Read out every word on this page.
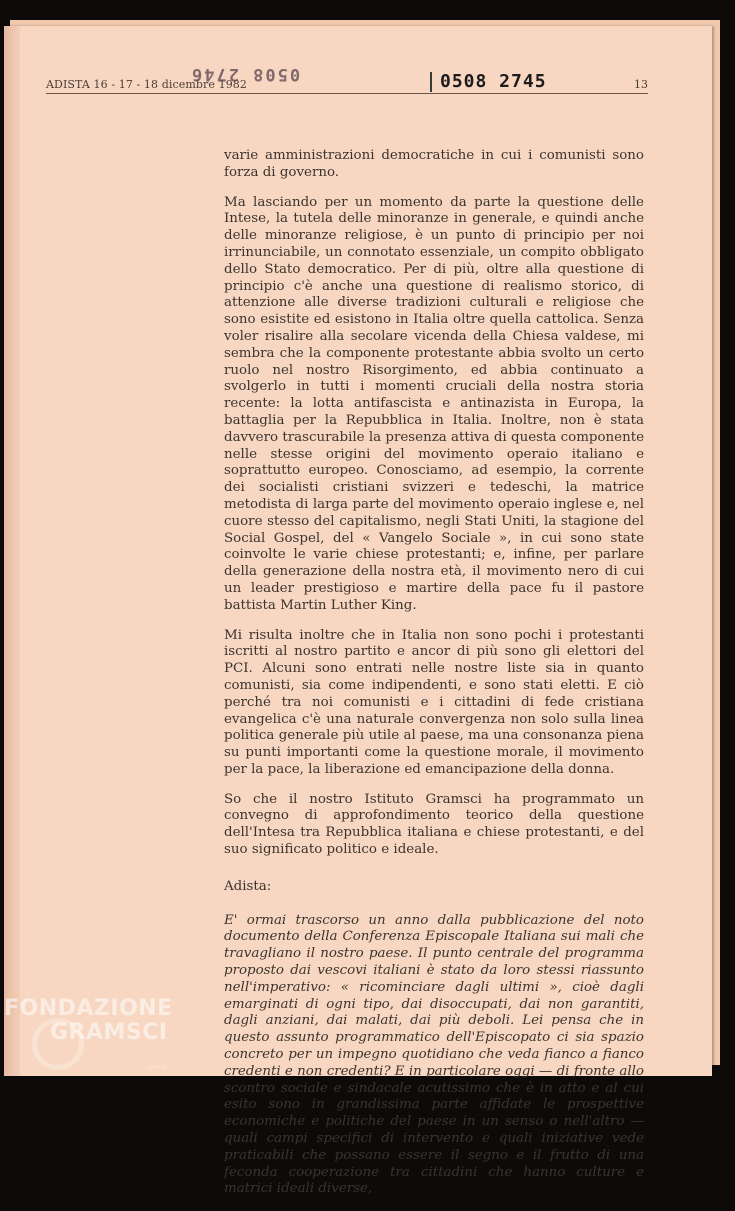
ADISTA 16 - 17 - 18 dicembre 1982	13
0508 2746	0508 2745

varie amministrazioni democratiche in cui i comunisti sono forza di governo.

Ma lasciando per un momento da parte la questione delle Intese, la tutela delle minoranze in generale, e quindi anche delle minoranze religiose, è un punto di principio per noi irrinunciabile, un connotato essenziale, un compito obbligato dello Stato democratico. Per di più, oltre alla questione di principio c'è anche una questione di realismo storico, di attenzione alle diverse tradizioni culturali e religiose che sono esistite ed esistono in Italia oltre quella cattolica. Senza voler risalire alla secolare vicenda della Chiesa valdese, mi sembra che la componente protestante abbia svolto un certo ruolo nel nostro Risorgimento, ed abbia continuato a svolgerlo in tutti i momenti cruciali della nostra storia recente: la lotta antifascista e antinazista in Europa, la battaglia per la Repubblica in Italia. Inoltre, non è stata davvero trascurabile la presenza attiva di questa componente nelle stesse origini del movimento operaio italiano e soprattutto europeo. Conosciamo, ad esempio, la corrente dei socialisti cristiani svizzeri e tedeschi, la matrice metodista di larga parte del movimento operaio inglese e, nel cuore stesso del capitalismo, negli Stati Uniti, la stagione del Social Gospel, del « Vangelo Sociale », in cui sono state coinvolte le varie chiese protestanti; e, infine, per parlare della generazione della nostra età, il movimento nero di cui un leader prestigioso e martire della pace fu il pastore battista Martin Luther King.

Mi risulta inoltre che in Italia non sono pochi i protestanti iscritti al nostro partito e ancor di più sono gli elettori del PCI. Alcuni sono entrati nelle nostre liste sia in quanto comunisti, sia come indipendenti, e sono stati eletti. E ciò perché tra noi comunisti e i cittadini di fede cristiana evangelica c'è una naturale convergenza non solo sulla linea politica generale più utile al paese, ma una consonanza piena su punti importanti come la questione morale, il movimento per la pace, la liberazione ed emancipazione della donna.

So che il nostro Istituto Gramsci ha programmato un convegno di approfondimento teorico della questione dell'Intesa tra Repubblica italiana e chiese protestanti, e del suo significato politico e ideale.

Adista:

E' ormai trascorso un anno dalla pubblicazione del noto documento della Conferenza Episcopale Italiana sui mali che travagliano il nostro paese. Il punto centrale del programma proposto dai vescovi italiani è stato da loro stessi riassunto nell'imperativo: « ricominciare dagli ultimi », cioè dagli emarginati di ogni tipo, dai disoccupati, dai non garantiti, dagli anziani, dai malati, dai più deboli. Lei pensa che in questo assunto programmatico dell'Episcopato ci sia spazio concreto per un impegno quotidiano che veda fianco a fianco credenti e non credenti? E in particolare oggi — di fronte allo scontro sociale e sindacale acutissimo che è in atto e al cui esito sono in grandissima parte affidate le prospettive economiche e politiche del paese in un senso o nell'altro — quali campi specifici di intervento e quali iniziative vede praticabili che possano essere il segno e il frutto di una feconda cooperazione tra cittadini che hanno culture e matrici ideali diverse,

FONDAZIONE
GRAMSCI
onlus
